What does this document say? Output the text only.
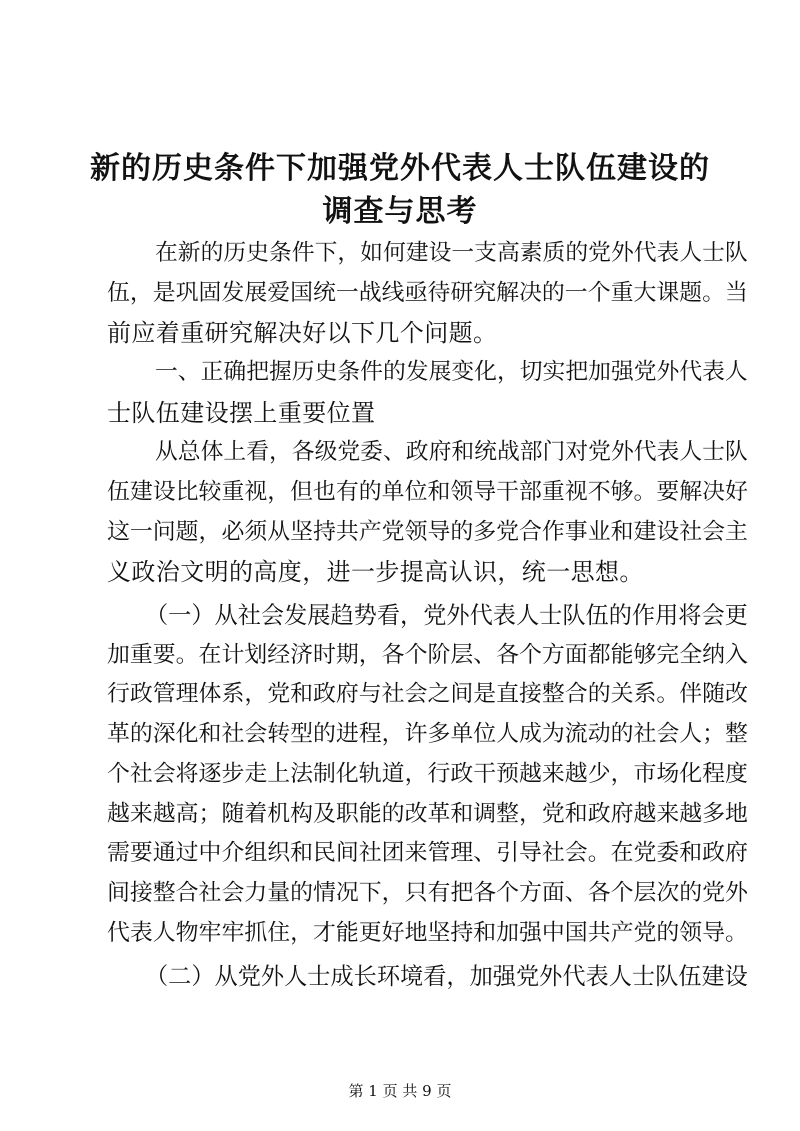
新的历史条件下加强党外代表人士队伍建设的
调查与思考
在新的历史条件下，如何建设一支高素质的党外代表人士队
伍，是巩固发展爱国统一战线亟待研究解决的一个重大课题。当
前应着重研究解决好以下几个问题。
一、正确把握历史条件的发展变化，切实把加强党外代表人
士队伍建设摆上重要位置
从总体上看，各级党委、政府和统战部门对党外代表人士队
伍建设比较重视，但也有的单位和领导干部重视不够。要解决好
这一问题，必须从坚持共产党领导的多党合作事业和建设社会主
义政治文明的高度，进一步提高认识，统一思想。
（一）从社会发展趋势看，党外代表人士队伍的作用将会更
加重要。在计划经济时期，各个阶层、各个方面都能够完全纳入
行政管理体系，党和政府与社会之间是直接整合的关系。伴随改
革的深化和社会转型的进程，许多单位人成为流动的社会人；整
个社会将逐步走上法制化轨道，行政干预越来越少，市场化程度
越来越高；随着机构及职能的改革和调整，党和政府越来越多地
需要通过中介组织和民间社团来管理、引导社会。在党委和政府
间接整合社会力量的情况下，只有把各个方面、各个层次的党外
代表人物牢牢抓住，才能更好地坚持和加强中国共产党的领导。
（二）从党外人士成长环境看，加强党外代表人士队伍建设
第 1 页 共 9 页
